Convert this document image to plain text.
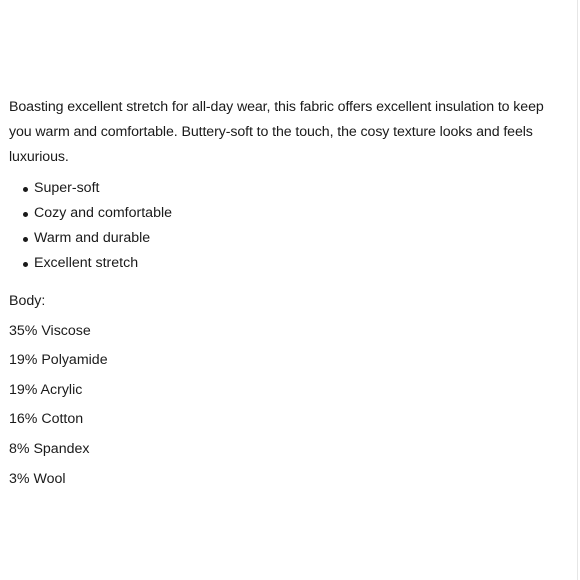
Boasting excellent stretch for all-day wear, this fabric offers excellent insulation to keep you warm and comfortable. Buttery-soft to the touch, the cosy texture looks and feels luxurious.

Super-soft
Cozy and comfortable
Warm and durable
Excellent stretch
Body:
35% Viscose
19% Polyamide
19% Acrylic
16% Cotton
8% Spandex
3% Wool
